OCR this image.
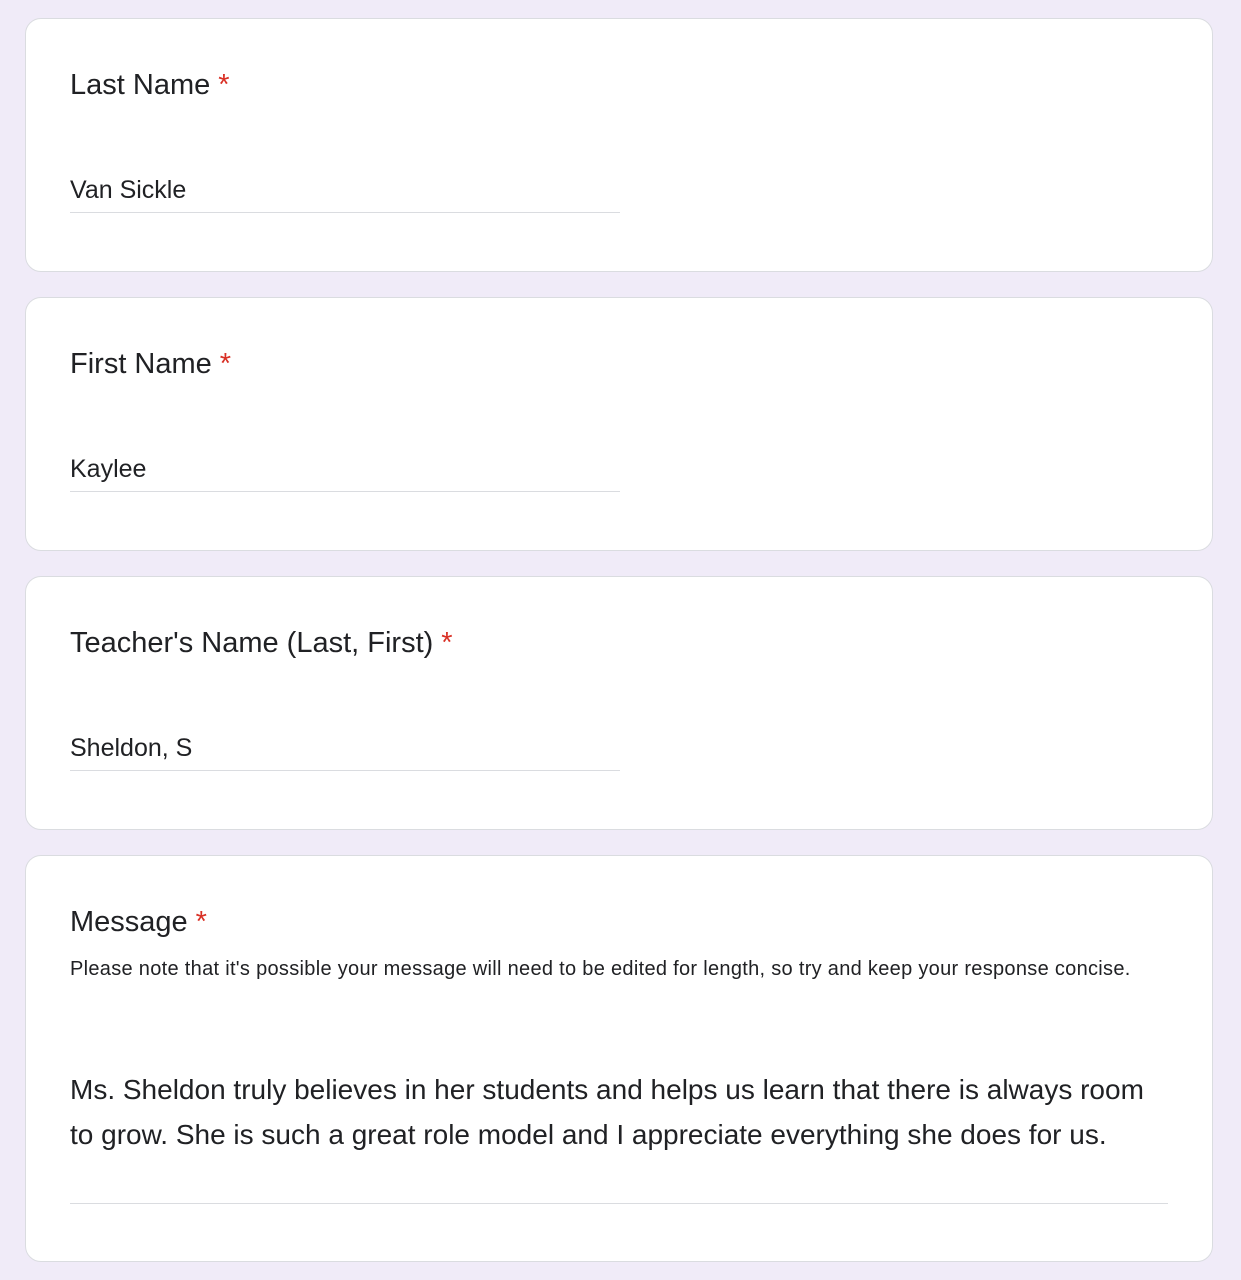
Last Name *
Van Sickle
First Name *
Kaylee
Teacher's Name (Last, First) *
Sheldon, S
Message *
Please note that it's possible your message will need to be edited for length, so try and keep your response concise.
Ms. Sheldon truly believes in her students and helps us learn that there is always room to grow. She is such a great role model and I appreciate everything she does for us.
